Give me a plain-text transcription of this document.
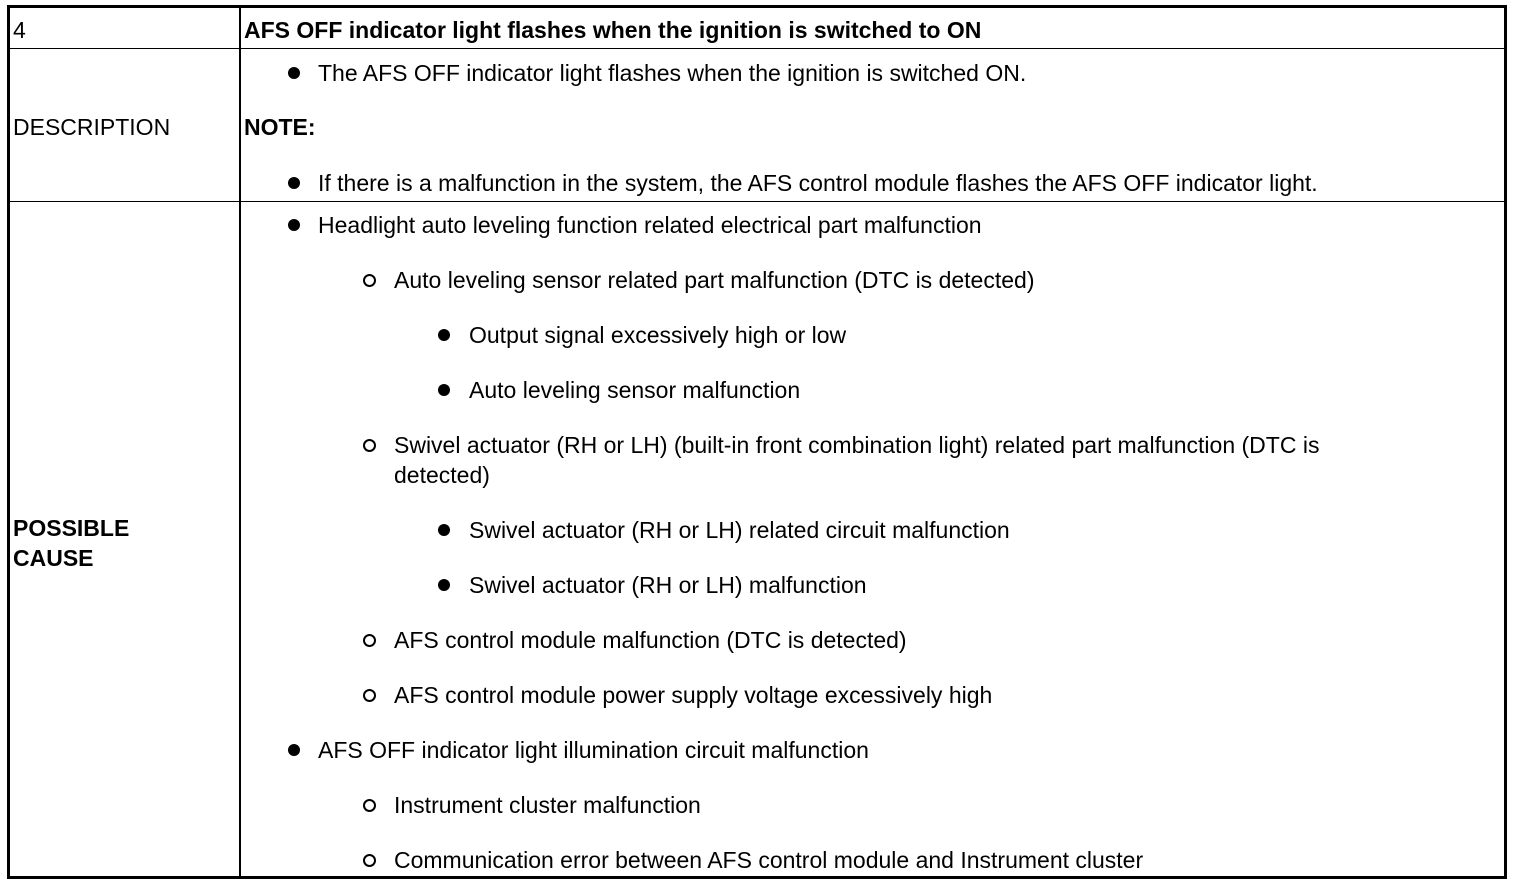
4	AFS OFF indicator light flashes when the ignition is switched to ON
DESCRIPTION
The AFS OFF indicator light flashes when the ignition is switched ON.
NOTE:
If there is a malfunction in the system, the AFS control module flashes the AFS OFF indicator light.
POSSIBLE
CAUSE
Headlight auto leveling function related electrical part malfunction
Auto leveling sensor related part malfunction (DTC is detected)
Output signal excessively high or low
Auto leveling sensor malfunction
Swivel actuator (RH or LH) (built-in front combination light) related part malfunction (DTC is
detected)
Swivel actuator (RH or LH) related circuit malfunction
Swivel actuator (RH or LH) malfunction
AFS control module malfunction (DTC is detected)
AFS control module power supply voltage excessively high
AFS OFF indicator light illumination circuit malfunction
Instrument cluster malfunction
Communication error between AFS control module and Instrument cluster
